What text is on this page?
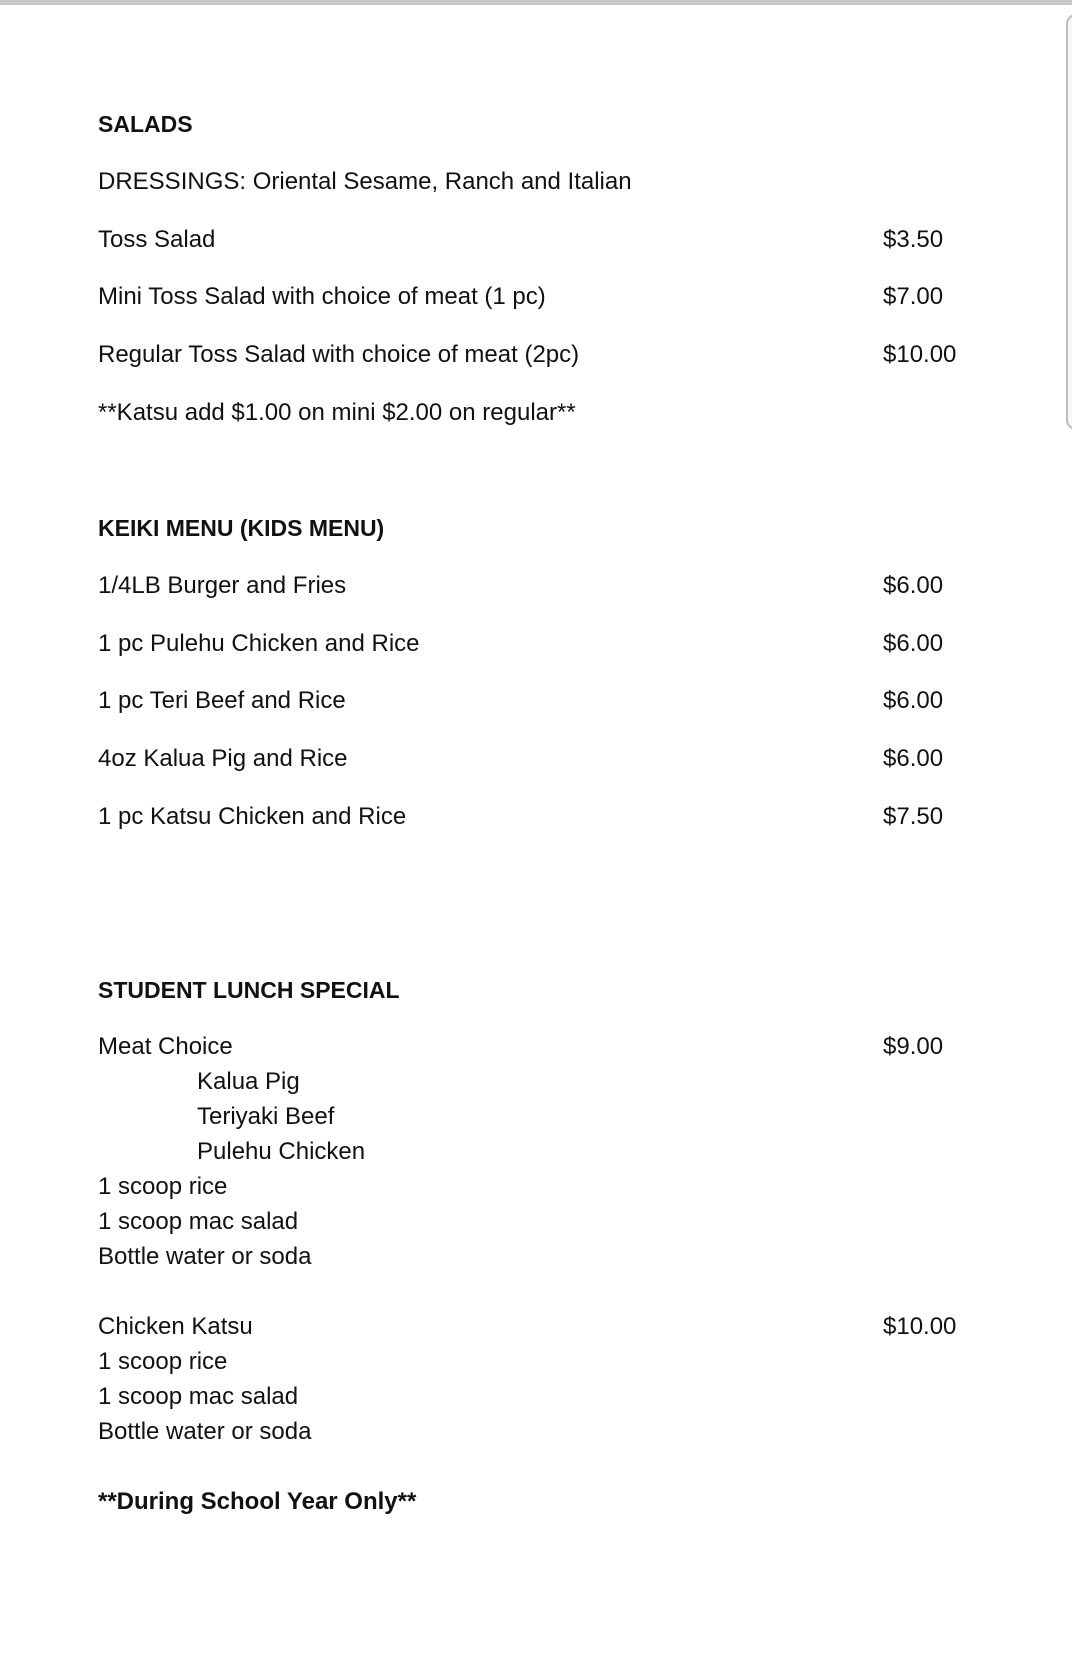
SALADS
DRESSINGS: Oriental Sesame, Ranch and Italian
Toss Salad	$3.50
Mini Toss Salad with choice of meat (1 pc)	$7.00
Regular Toss Salad with choice of meat (2pc)	$10.00
**Katsu add $1.00 on mini $2.00 on regular**
KEIKI MENU (KIDS MENU)
1/4LB Burger and Fries	$6.00
1 pc Pulehu Chicken and Rice	$6.00
1 pc Teri Beef and Rice	$6.00
4oz Kalua Pig and Rice	$6.00
1 pc Katsu Chicken and Rice	$7.50
STUDENT LUNCH SPECIAL
Meat Choice	$9.00
Kalua Pig
Teriyaki Beef
Pulehu Chicken
1 scoop rice
1 scoop mac salad
Bottle water or soda
Chicken Katsu	$10.00
1 scoop rice
1 scoop mac salad
Bottle water or soda
**During School Year Only**
